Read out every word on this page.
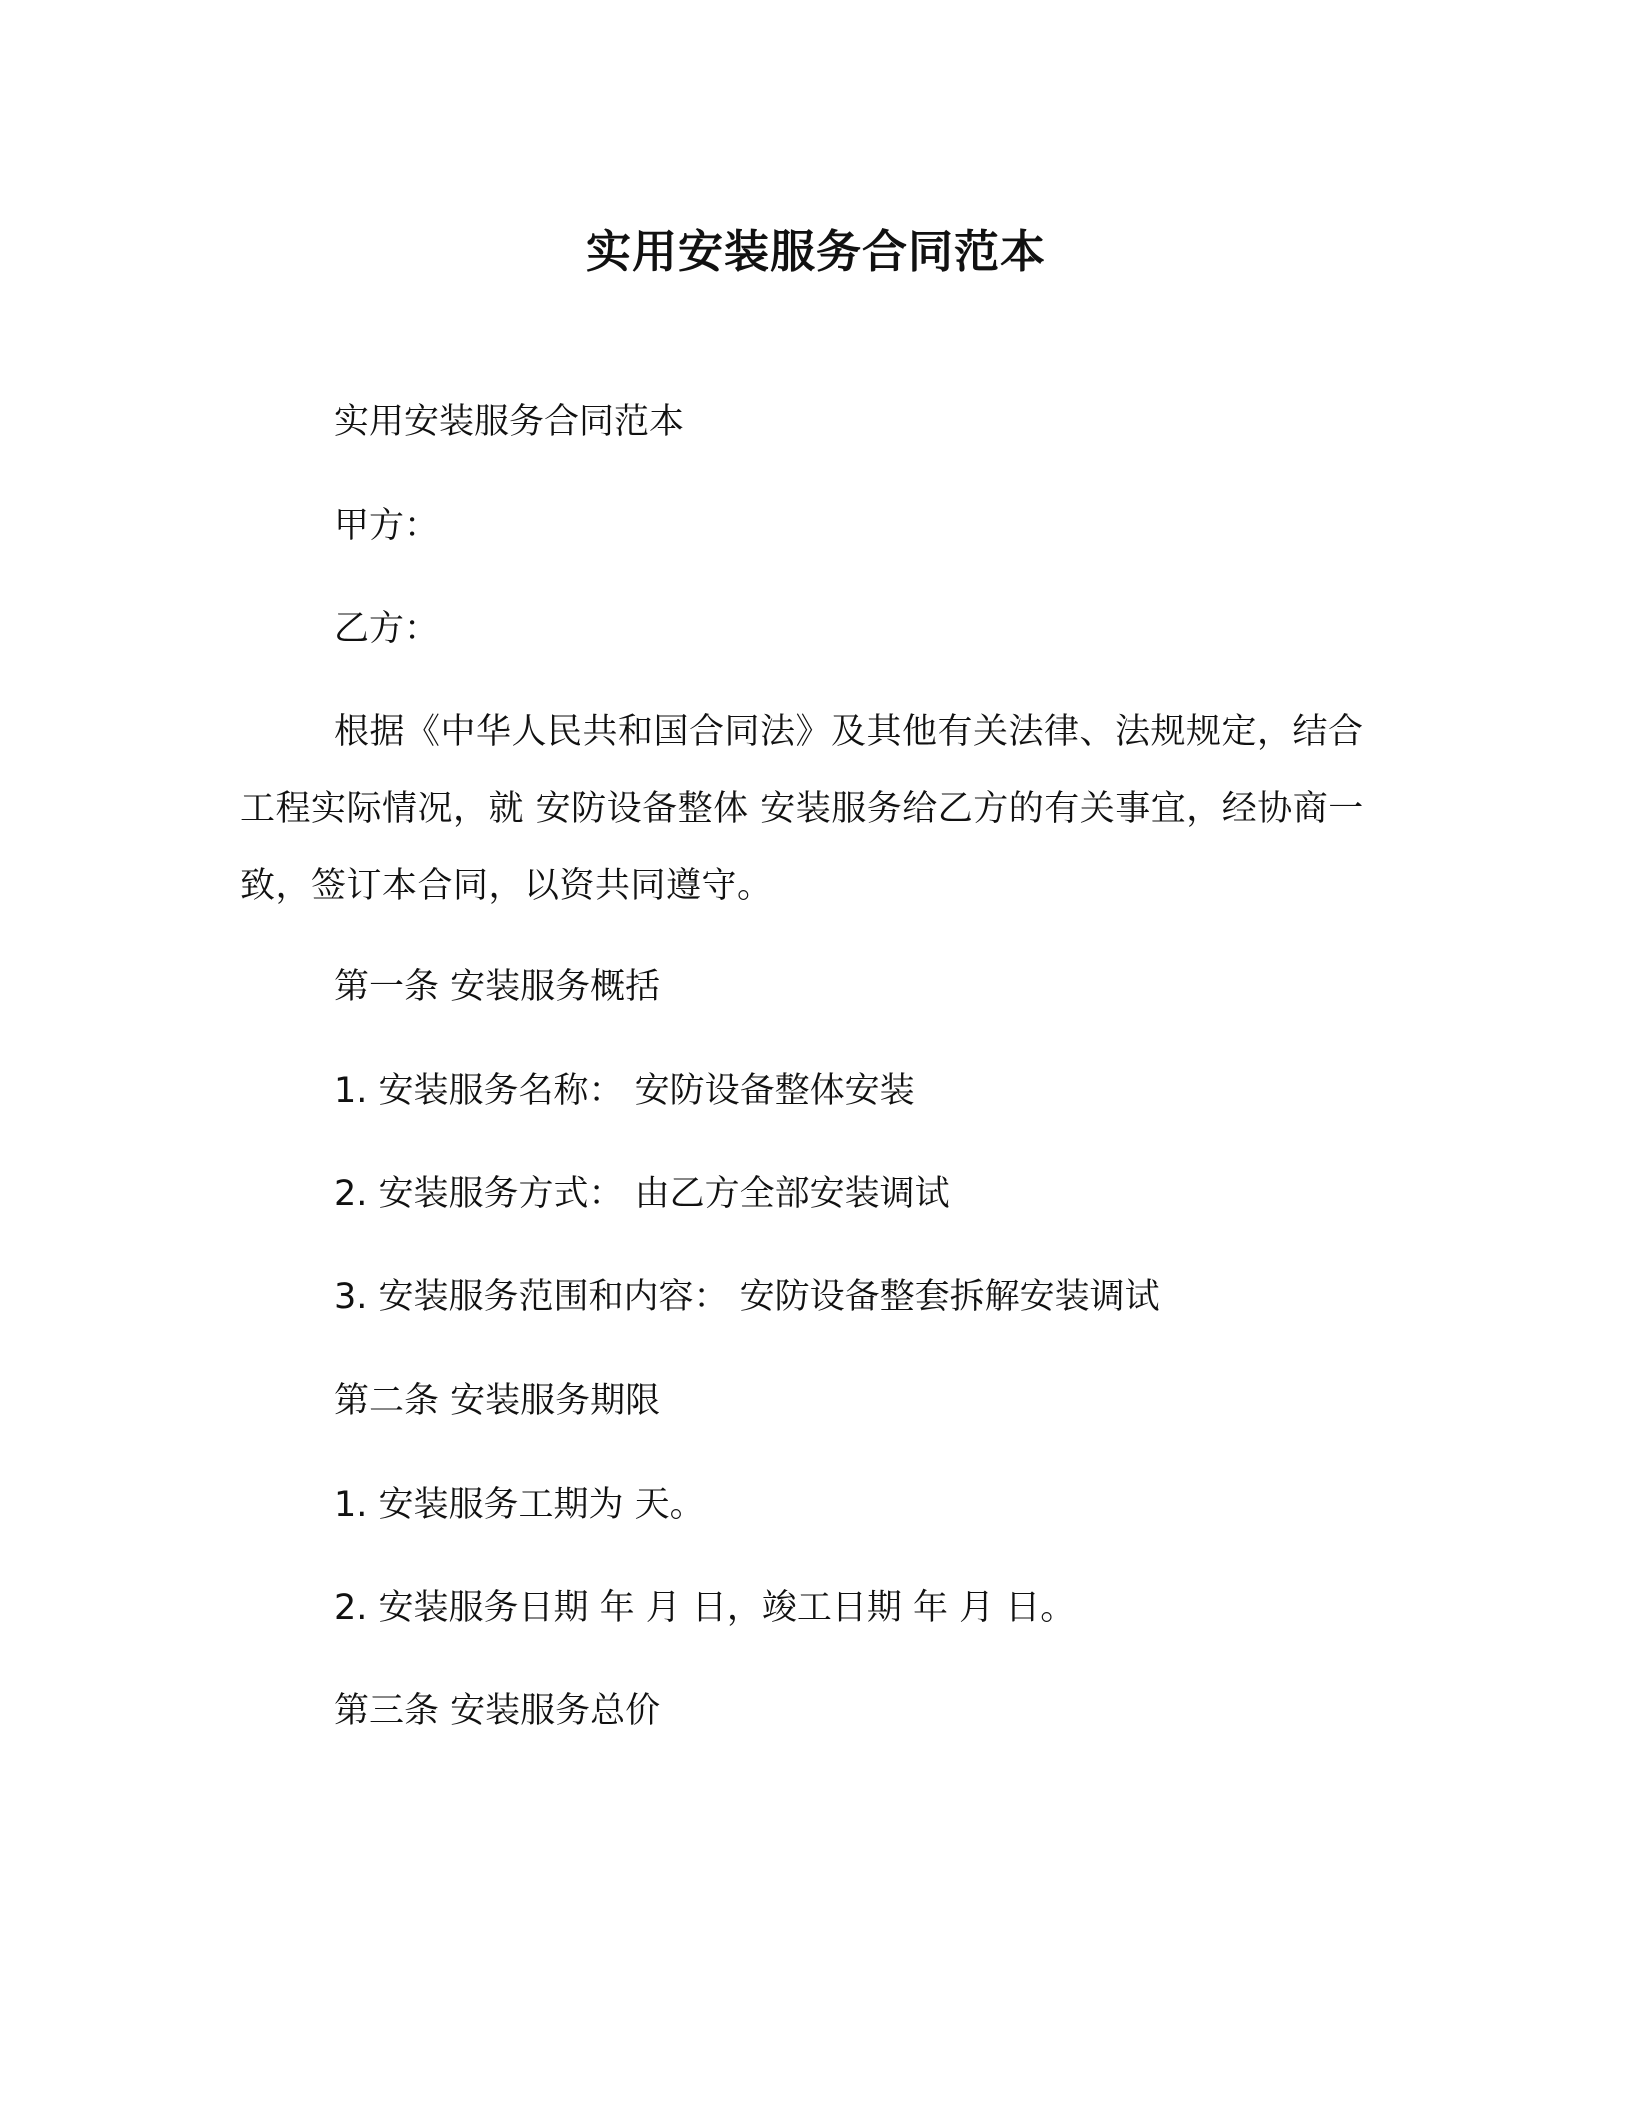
实用安装服务合同范本

实用安装服务合同范本

甲方：

乙方：

根据《中华人民共和国合同法》及其他有关法律、法规规定，结合工程实际情况，就 安防设备整体 安装服务给乙方的有关事宜，经协商一致，签订本合同，以资共同遵守。

第一条 安装服务概括

1. 安装服务名称： 安防设备整体安装

2. 安装服务方式： 由乙方全部安装调试

3. 安装服务范围和内容： 安防设备整套拆解安装调试

第二条 安装服务期限

1. 安装服务工期为 天。

2. 安装服务日期 年 月 日，竣工日期 年 月 日。

第三条 安装服务总价
